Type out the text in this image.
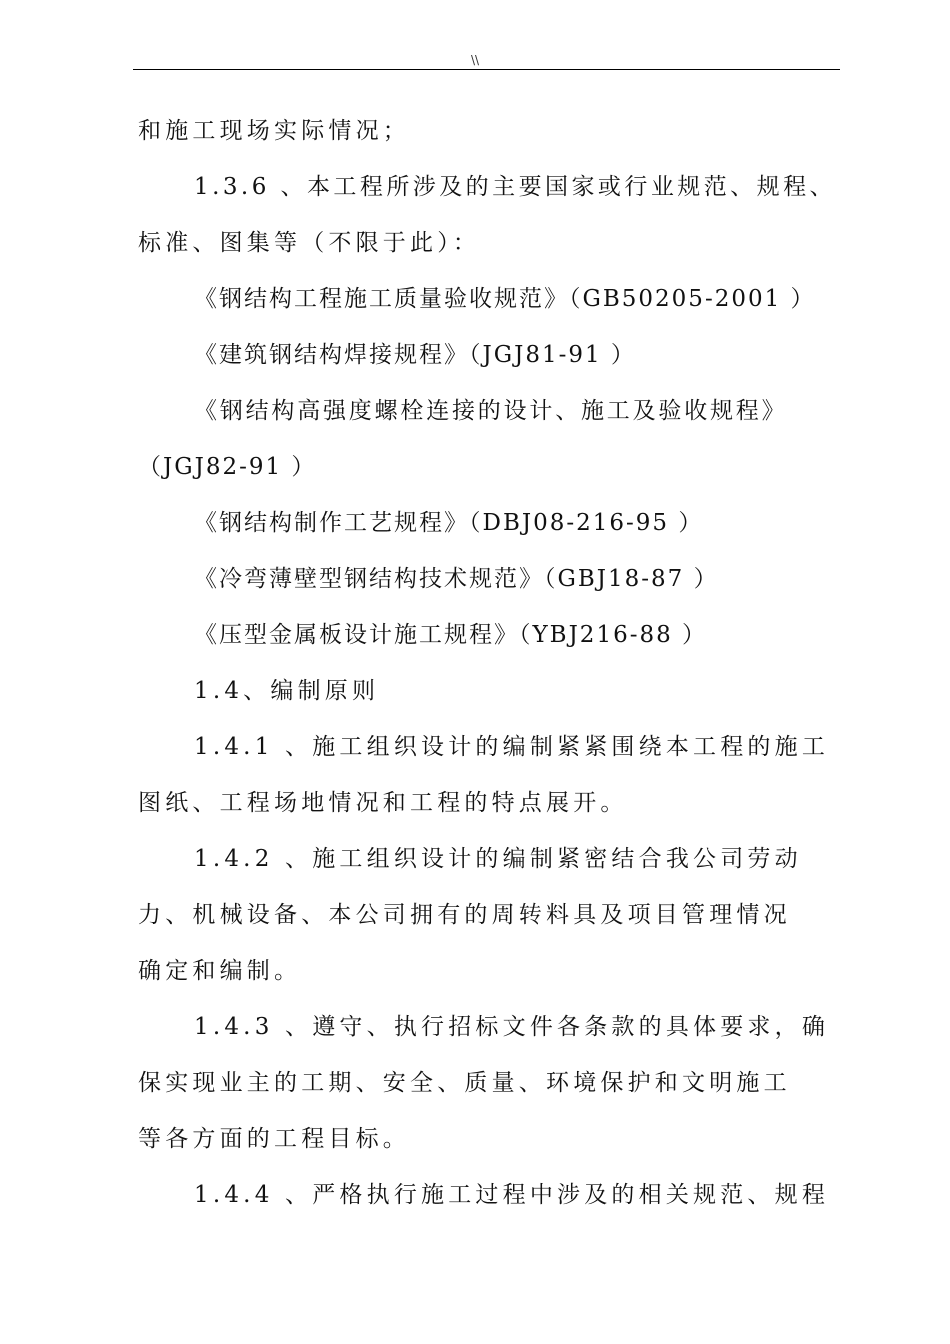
\\
和施工现场实际情况；
1.3.6 、本工程所涉及的主要国家或行业规范、规程、
标准、图集等（不限于此）：
《钢结构工程施工质量验收规范》（GB50205-2001 ）
《建筑钢结构焊接规程》（JGJ81-91 ）
《钢结构高强度螺栓连接的设计、施工及验收规程》
（JGJ82-91 ）
《钢结构制作工艺规程》（DBJ08-216-95 ）
《冷弯薄壁型钢结构技术规范》（GBJ18-87 ）
《压型金属板设计施工规程》（YBJ216-88 ）
1.4、编制原则
1.4.1 、施工组织设计的编制紧紧围绕本工程的施工
图纸、工程场地情况和工程的特点展开。
1.4.2 、施工组织设计的编制紧密结合我公司劳动
力、机械设备、本公司拥有的周转料具及项目管理情况
确定和编制。
1.4.3 、遵守、执行招标文件各条款的具体要求，确
保实现业主的工期、安全、质量、环境保护和文明施工
等各方面的工程目标。
1.4.4 、严格执行施工过程中涉及的相关规范、规程
